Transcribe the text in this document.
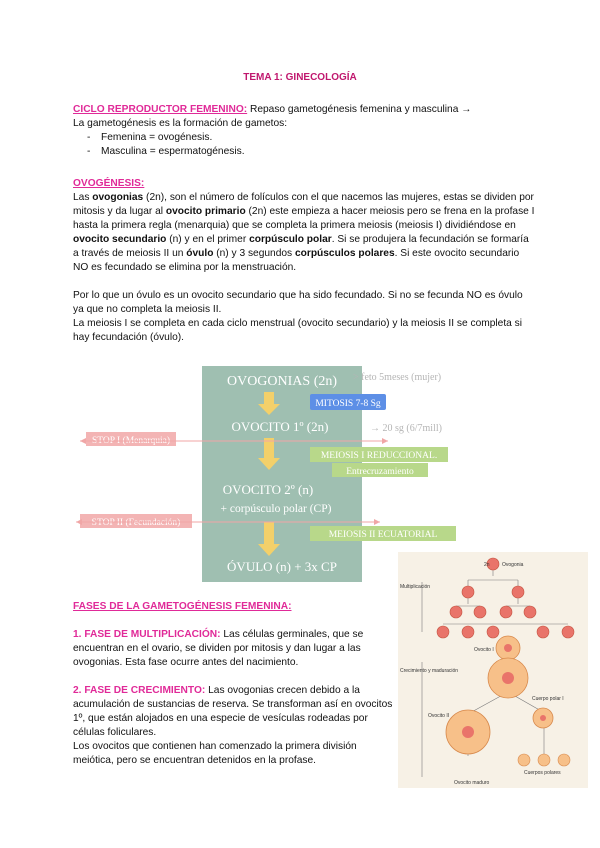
TEMA 1: GINECOLOGÍA

CICLO REPRODUCTOR FEMENINO: Repaso gametogénesis femenina y masculina →

La gametogénesis es la formación de gametos:

- Femenina = ovogénesis.
- Masculina = espermatogénesis.

OVOGÉNESIS:

Las ovogonias (2n), son el número de folículos con el que nacemos las mujeres, estas se dividen por mitosis y da lugar al ovocito primario (2n) este empieza a hacer meiosis pero se frena en la profase I hasta la primera regla (menarquia) que se completa la primera meiosis (meiosis I) dividiéndose en ovocito secundario (n) y en el primer corpúsculo polar. Si se produjera la fecundación se formaría a través de meiosis II un óvulo (n) y 3 segundos corpúsculos polares. Si este ovocito secundario NO es fecundado se elimina por la menstruación.

Por lo que un óvulo es un ovocito secundario que ha sido fecundado. Si no se fecunda NO es óvulo ya que no completa la meiosis II.

La meiosis I se completa en cada ciclo menstrual (ovocito secundario) y la meiosis II se completa si hay fecundación (óvulo).

OVOGONIAS (2n)
OVOCITO 1º (2n)
OVOCITO 2º (n)
+ corpúsculo polar (CP)
ÓVULO (n) + 3x CP
> feto 5meses (mujer)
→ 20 sg (6/7mill)
MITOSIS 7-8 Sg
MEIOSIS I REDUCCIONAL.
Entrecruzamiento
MEIOSIS II ECUATORIAL
STOP I (Menarquia)
STOP II (Fecundación)

FASES DE LA GAMETOGÉNESIS FEMENINA:

1. FASE DE MULTIPLICACIÓN: Las células germinales, que se encuentran en el ovario, se dividen por mitosis y dan lugar a las ovogonias. Esta fase ocurre antes del nacimiento.

2. FASE DE CRECIMIENTO: Las ovogonias crecen debido a la acumulación de sustancias de reserva. Se transforman así en ovocitos 1º, que están alojados en una especie de vesículas rodeadas por células foliculares.

Los ovocitos que contienen han comenzado la primera división meiótica, pero se encuentran detenidos en la profase.

2n Ovogonia
Multiplicación
Ovocito I
Crecimiento y maduración
Ovocito II
Cuerpo polar I
Cuerpos polares
Ovocito maduro
